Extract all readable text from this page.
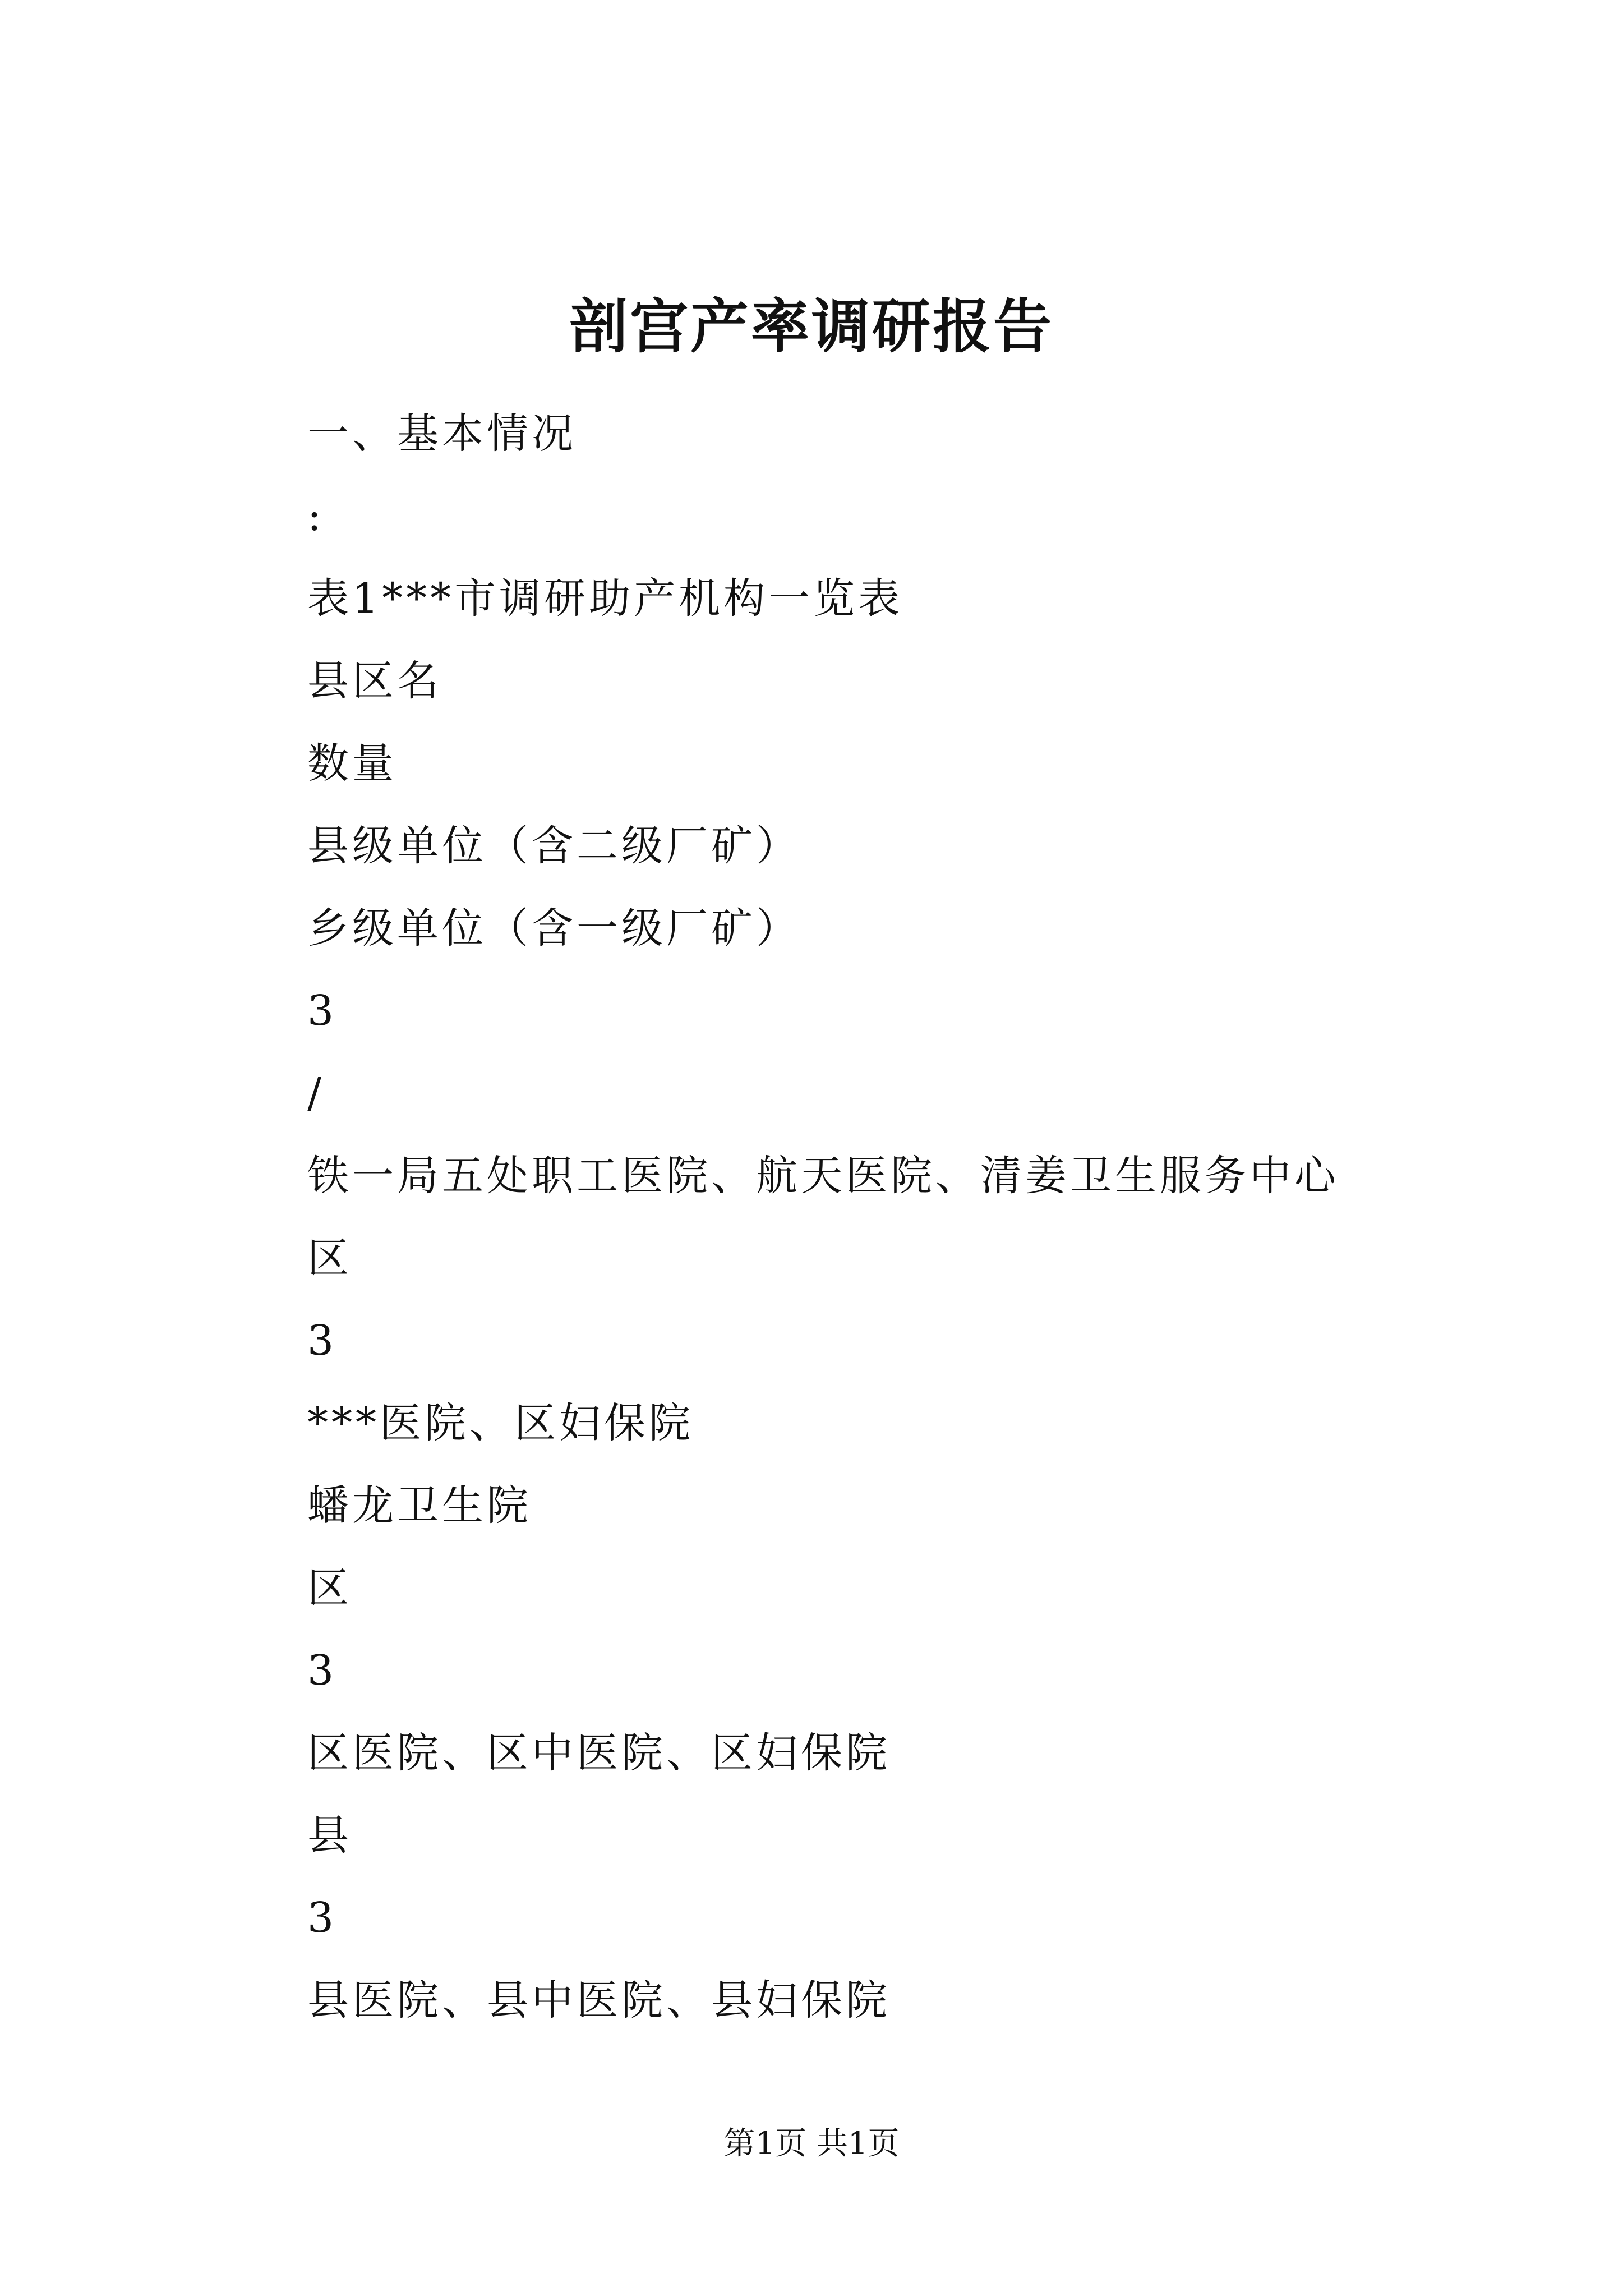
剖宫产率调研报告
一、基本情况
:
表1***市调研助产机构一览表
县区名
数量
县级单位（含二级厂矿）
乡级单位（含一级厂矿）
3
/
铁一局五处职工医院、航天医院、清姜卫生服务中心
区
3
***医院、区妇保院
蟠龙卫生院
区
3
区医院、区中医院、区妇保院
县
3
县医院、县中医院、县妇保院
第1页 共1页
